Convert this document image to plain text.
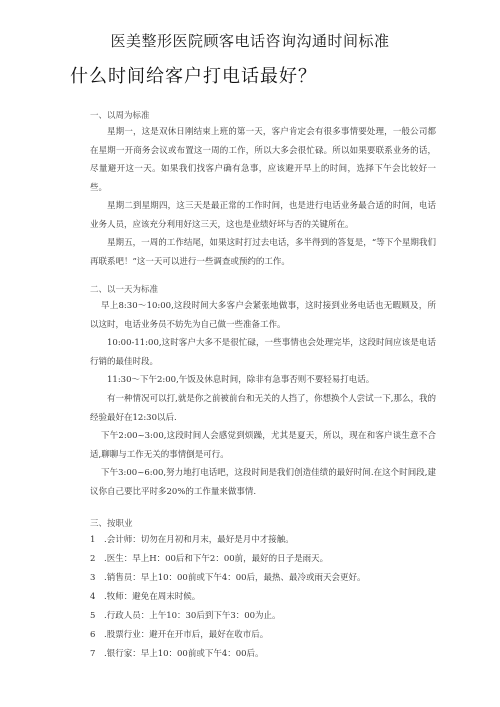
医美整形医院顾客电话咨询沟通时间标准
什么时间给客户打电话最好？
一、以周为标准
星期一，这是双休日刚结束上班的第一天，客户肯定会有很多事情要处理，一般公司都在星期一开商务会议或布置这一周的工作，所以大多会很忙碌。所以如果要联系业务的话，尽量避开这一天。如果我们找客户确有急事，应该避开早上的时间，选择下午会比较好一些。
星期二到星期四，这三天是最正常的工作时间，也是进行电话业务最合适的时间，电话业务人员，应该充分利用好这三天，这也是业绩好坏与否的关键所在。
星期五，一周的工作结尾，如果这时打过去电话，多半得到的答复是，“等下个星期我们再联系吧！”这一天可以进行一些调查或预约的工作。
二、以一天为标准
早上8:30～10:00,这段时间大多客户会紧张地做事，这时接到业务电话也无暇顾及，所以这时，电话业务员不妨先为自己做一些准备工作。
10:00-11:00,这时客户大多不是很忙碌，一些事情也会处理完毕，这段时间应该是电话行销的最佳时段。
11:30～下午2:00,午饭及休息时间，除非有急事否则不要轻易打电话。
有一种情况可以打,就是你之前被前台和无关的人挡了，你想换个人尝试一下,那么，我的经验最好在12:30以后.
下午2:00~3:00,这段时间人会感觉到烦躁，尤其是夏天，所以，现在和客户谈生意不合适,聊聊与工作无关的事情倒是可行。
下午3:00~6:00,努力地打电话吧，这段时间是我们创造佳绩的最好时间.在这个时间段,建议你自己要比平时多20%的工作量来做事情.
三、按职业
1 .会计师：切勿在月初和月末，最好是月中才接触。
2 .医生：早上H：00后和下午2：00前，最好的日子是雨天。
3 .销售员：早上10：00前或下午4：00后，最热、最冷或雨天会更好。
4 .牧师：避免在周末时候。
5 .行政人员：上午10：30后到下午3：00为止。
6 .股票行业：避开在开市后，最好在收市后。
7 .银行家：早上10：00前或下午4：00后。
